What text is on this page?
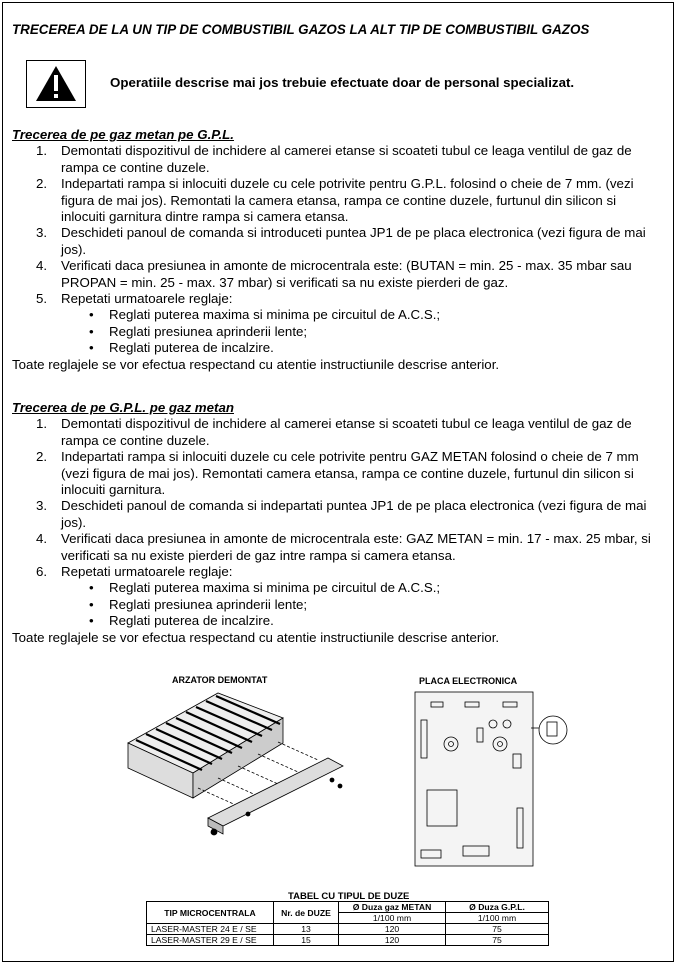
TRECEREA DE LA UN TIP DE COMBUSTIBIL GAZOS LA ALT TIP DE COMBUSTIBIL GAZOS
Operatiile descrise mai jos trebuie efectuate doar de personal specializat.
Trecerea de pe gaz metan pe G.P.L.
1. Demontati dispozitivul de inchidere al camerei etanse si scoateti tubul ce leaga ventilul de gaz de rampa ce contine duzele.
2. Indepartati rampa si inlocuiti duzele cu cele potrivite pentru G.P.L. folosind o cheie de 7 mm. (vezi figura de mai jos). Remontati la camera etansa, rampa ce contine duzele, furtunul din silicon si inlocuiti garnitura dintre rampa si camera etansa.
3. Deschideti panoul de comanda si introduceti puntea JP1 de pe placa electronica (vezi figura de mai jos).
4. Verificati daca presiunea in amonte de microcentrala este: (BUTAN = min. 25 - max. 35 mbar sau PROPAN = min. 25 - max. 37 mbar) si verificati sa nu existe pierderi de gaz.
5. Repetati urmatoarele reglaje:
• Reglati puterea maxima si minima pe circuitul de A.C.S.;
• Reglati presiunea aprinderii lente;
• Reglati puterea de incalzire.
Toate reglajele se vor efectua respectand cu atentie instructiunile descrise anterior.
Trecerea de pe G.P.L. pe gaz metan
1. Demontati dispozitivul de inchidere al camerei etanse si scoateti tubul ce leaga ventilul de gaz de rampa ce contine duzele.
2. Indepartati rampa si inlocuiti duzele cu cele potrivite pentru GAZ METAN folosind o cheie de 7 mm (vezi figura de mai jos). Remontati camera etansa, rampa ce contine duzele, furtunul din silicon si inlocuiti garnitura.
3. Deschideti panoul de comanda si indepartati puntea JP1 de pe placa electronica (vezi figura de mai jos).
4. Verificati daca presiunea in amonte de microcentrala este: GAZ METAN = min. 17 - max. 25 mbar, si verificati sa nu existe pierderi de gaz intre rampa si camera etansa.
6. Repetati urmatoarele reglaje:
• Reglati puterea maxima si minima pe circuitul de A.C.S.;
• Reglati presiunea aprinderii lente;
• Reglati puterea de incalzire.
Toate reglajele se vor efectua respectand cu atentie instructiunile descrise anterior.
ARZATOR DEMONTAT	PLACA ELECTRONICA
TABEL CU TIPUL DE DUZE
TIP MICROCENTRALA	Nr. de DUZE	Ø Duza gaz METAN	Ø Duza G.P.L.
		1/100 mm	1/100 mm
LASER-MASTER 24 E / SE	13	120	75
LASER-MASTER 29 E / SE	15	120	75
